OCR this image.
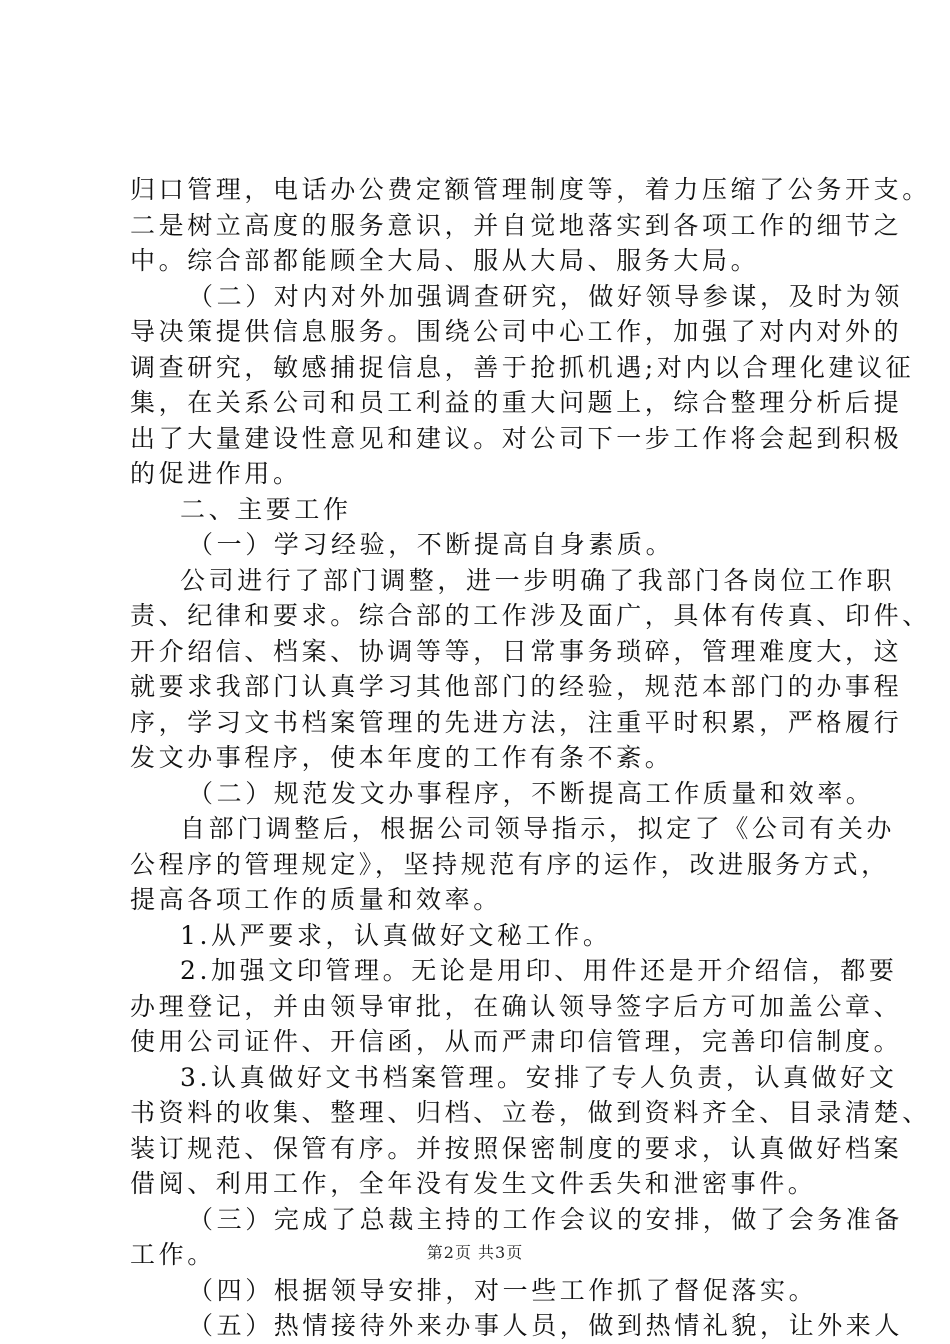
归口管理，电话办公费定额管理制度等，着力压缩了公务开支。
二是树立高度的服务意识，并自觉地落实到各项工作的细节之
中。综合部都能顾全大局、服从大局、服务大局。
（二）对内对外加强调查研究，做好领导参谋，及时为领
导决策提供信息服务。围绕公司中心工作，加强了对内对外的
调查研究，敏感捕捉信息，善于抢抓机遇;对内以合理化建议征
集，在关系公司和员工利益的重大问题上，综合整理分析后提
出了大量建设性意见和建议。对公司下一步工作将会起到积极
的促进作用。
二、主要工作
（一）学习经验，不断提高自身素质。
公司进行了部门调整，进一步明确了我部门各岗位工作职
责、纪律和要求。综合部的工作涉及面广，具体有传真、印件、
开介绍信、档案、协调等等，日常事务琐碎，管理难度大，这
就要求我部门认真学习其他部门的经验，规范本部门的办事程
序，学习文书档案管理的先进方法，注重平时积累，严格履行
发文办事程序，使本年度的工作有条不紊。
（二）规范发文办事程序，不断提高工作质量和效率。
自部门调整后，根据公司领导指示，拟定了《公司有关办
公程序的管理规定》，坚持规范有序的运作，改进服务方式，
提高各项工作的质量和效率。
1.从严要求，认真做好文秘工作。
2.加强文印管理。无论是用印、用件还是开介绍信，都要
办理登记，并由领导审批，在确认领导签字后方可加盖公章、
使用公司证件、开信函，从而严肃印信管理，完善印信制度。
3.认真做好文书档案管理。安排了专人负责，认真做好文
书资料的收集、整理、归档、立卷，做到资料齐全、目录清楚、
装订规范、保管有序。并按照保密制度的要求，认真做好档案
借阅、利用工作，全年没有发生文件丢失和泄密事件。
（三）完成了总裁主持的工作会议的安排，做了会务准备
工作。
（四）根据领导安排，对一些工作抓了督促落实。
（五）热情接待外来办事人员，做到热情礼貌，让外来人
第2页 共3页
